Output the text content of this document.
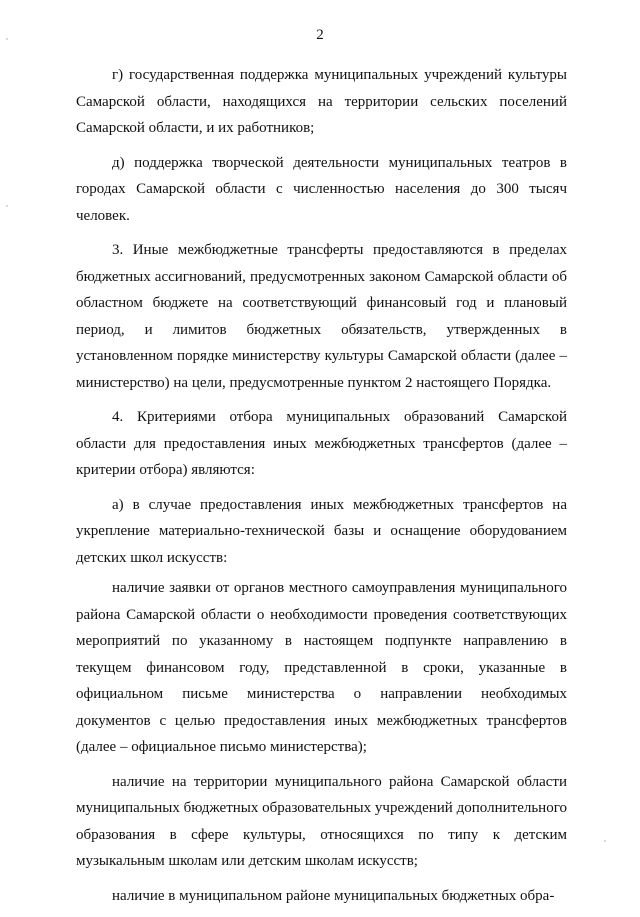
2

г) государственная поддержка муниципальных учреждений культуры Самарской области, находящихся на территории сельских поселений Самарской области, и их работников;

д) поддержка творческой деятельности муниципальных театров в городах Самарской области с численностью населения до 300 тысяч человек.

3. Иные межбюджетные трансферты предоставляются в пределах бюджетных ассигнований, предусмотренных законом Самарской области об областном бюджете на соответствующий финансовый год и плановый период, и лимитов бюджетных обязательств, утвержденных в установленном порядке министерству культуры Самарской области (далее – министерство) на цели, предусмотренные пунктом 2 настоящего Порядка.

4. Критериями отбора муниципальных образований Самарской области для предоставления иных межбюджетных трансфертов (далее – критерии отбора) являются:

а) в случае предоставления иных межбюджетных трансфертов на укрепление материально-технической базы и оснащение оборудованием детских школ искусств:

наличие заявки от органов местного самоуправления муниципального района Самарской области о необходимости проведения соответствующих мероприятий по указанному в настоящем подпункте направлению в текущем финансовом году, представленной в сроки, указанные в официальном письме министерства о направлении необходимых документов с целью предоставления иных межбюджетных трансфертов (далее – официальное письмо министерства);

наличие на территории муниципального района Самарской области муниципальных бюджетных образовательных учреждений дополнительного образования в сфере культуры, относящихся по типу к детским музыкальным школам или детским школам искусств;

наличие в муниципальном районе муниципальных бюджетных обра-
